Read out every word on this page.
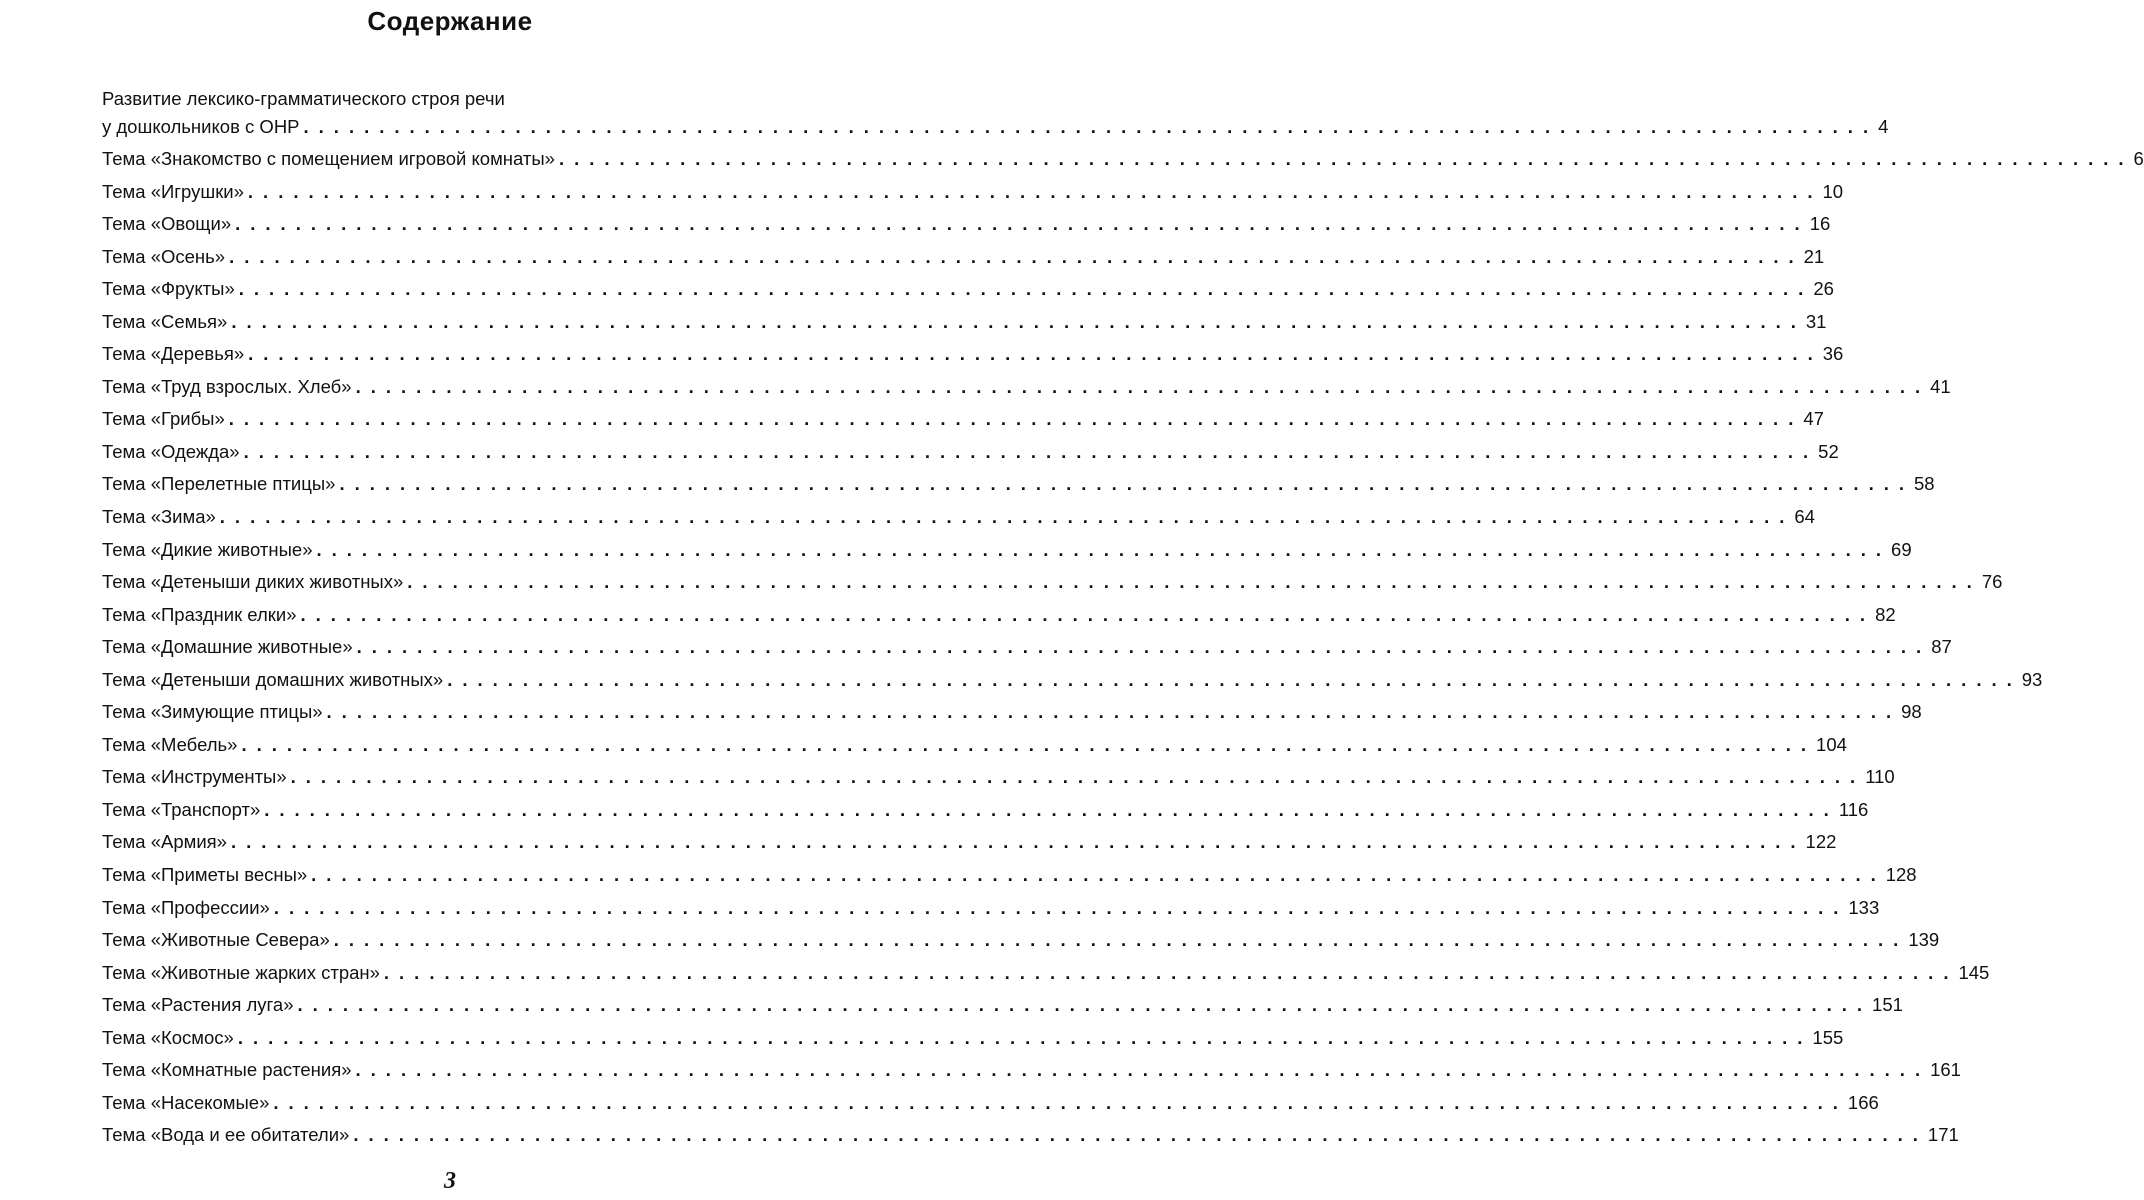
Содержание
Развитие лексико-грамматического строя речи
у дошкольников с ОНР ........................................................................................................ 4
Тема «Знакомство с помещением игровой комнаты» ........................................................................................................ 6
Тема «Игрушки» ........................................................................................................ 10
Тема «Овощи» ........................................................................................................ 16
Тема «Осень» ........................................................................................................ 21
Тема «Фрукты» ........................................................................................................ 26
Тема «Семья» ........................................................................................................ 31
Тема «Деревья» ........................................................................................................ 36
Тема «Труд взрослых. Хлеб» ........................................................................................................ 41
Тема «Грибы» ........................................................................................................ 47
Тема «Одежда» ........................................................................................................ 52
Тема «Перелетные птицы» ........................................................................................................ 58
Тема «Зима» ........................................................................................................ 64
Тема «Дикие животные» ........................................................................................................ 69
Тема «Детеныши диких животных» ........................................................................................................ 76
Тема «Праздник елки» ........................................................................................................ 82
Тема «Домашние животные» ........................................................................................................ 87
Тема «Детеныши домашних животных» ........................................................................................................ 93
Тема «Зимующие птицы» ........................................................................................................ 98
Тема «Мебель» ........................................................................................................ 104
Тема «Инструменты» ........................................................................................................ 110
Тема «Транспорт» ........................................................................................................ 116
Тема «Армия» ........................................................................................................ 122
Тема «Приметы весны» ........................................................................................................ 128
Тема «Профессии» ........................................................................................................ 133
Тема «Животные Севера» ........................................................................................................ 139
Тема «Животные жарких стран» ........................................................................................................ 145
Тема «Растения луга» ........................................................................................................ 151
Тема «Космос» ........................................................................................................ 155
Тема «Комнатные растения» ........................................................................................................ 161
Тема «Насекомые» ........................................................................................................ 166
Тема «Вода и ее обитатели» ........................................................................................................ 171
3
